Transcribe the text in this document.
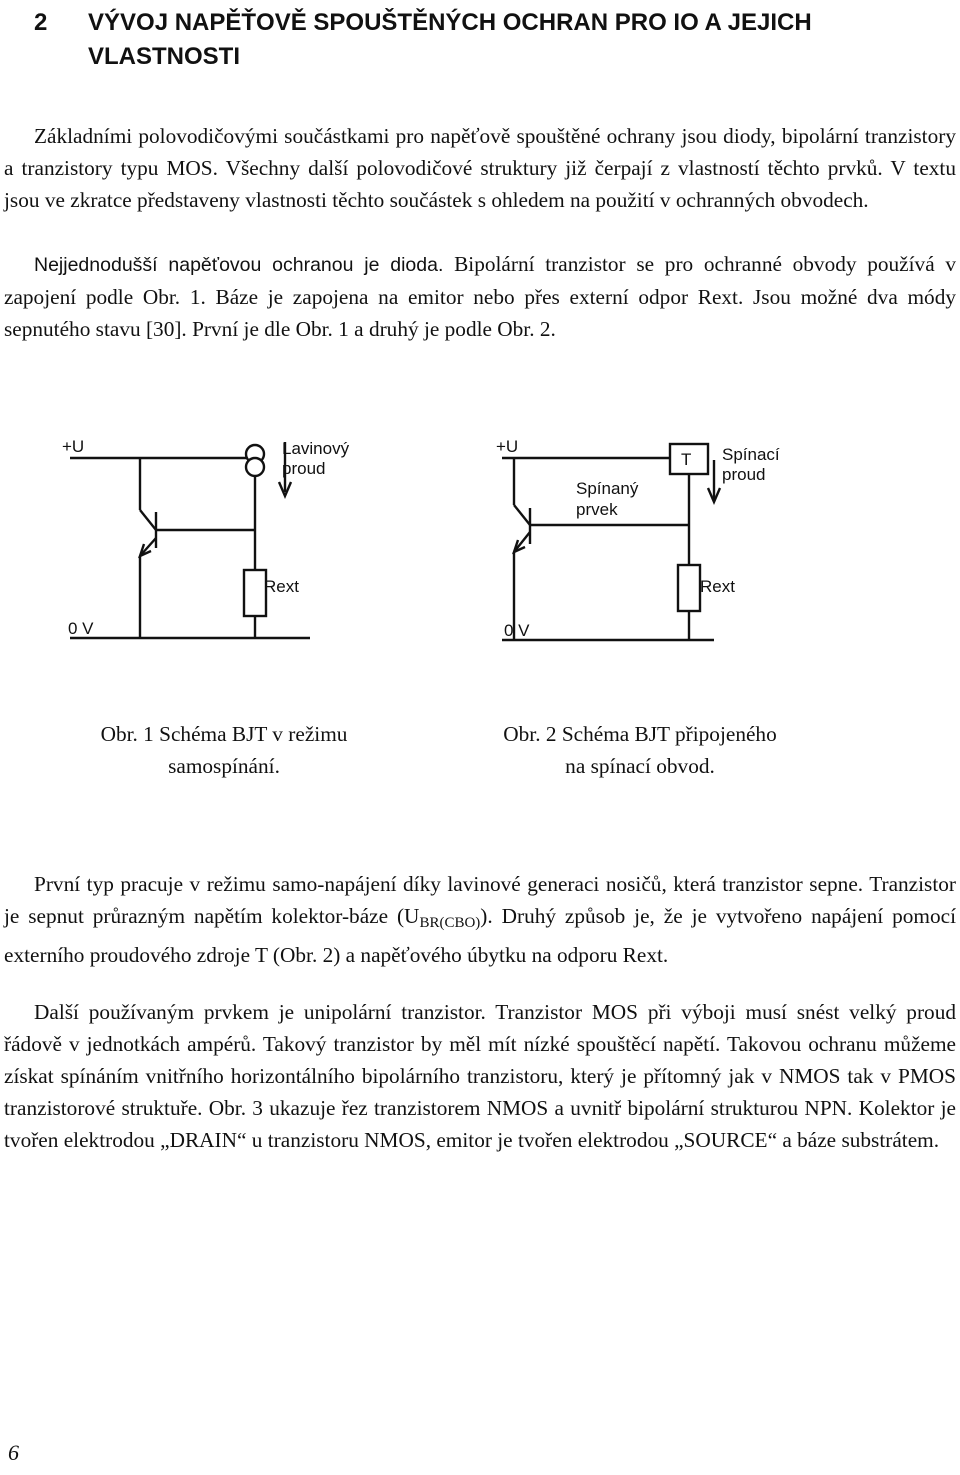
2	VÝVOJ NAPĚŤOVĚ SPOUŠTĚNÝCH OCHRAN PRO IO A JEJICH VLASTNOSTI

Základními polovodičovými součástkami pro napěťově spouštěné ochrany jsou diody, bipolární tranzistory a tranzistory typu MOS. Všechny další polovodičové struktury již čerpají z vlastností těchto prvků. V textu jsou ve zkratce představeny vlastnosti těchto součástek s ohledem na použití v ochranných obvodech.

Nejjednodušší napěťovou ochranou je dioda. Bipolární tranzistor se pro ochranné obvody používá v zapojení podle Obr. 1. Báze je zapojena na emitor nebo přes externí odpor Rext. Jsou možné dva módy sepnutého stavu [30]. První je dle Obr. 1 a druhý je podle Obr. 2.

+U	Lavinový
proud
Rext
0 V
+U
T Spínací
proud
Spínaný
prvek
Rext
0 V
Obr. 1 Schéma BJT v režimu
samospínání.
Obr. 2 Schéma BJT připojeného
na spínací obvod.

První typ pracuje v režimu samo-napájení díky lavinové generaci nosičů, která tranzistor sepne. Tranzistor je sepnut průrazným napětím kolektor-báze $(U_{BR(CBO)})$. Druhý způsob je, že je vytvořeno napájení pomocí externího proudového zdroje T (Obr. 2) a napěťového úbytku na odporu Rext.

Další používaným prvkem je unipolární tranzistor. Tranzistor MOS při výboji musí snést velký proud řádově v jednotkách ampérů. Takový tranzistor by měl mít nízké spouštěcí napětí. Takovou ochranu můžeme získat spínáním vnitřního horizontálního bipolárního tranzistoru, který je přítomný jak v NMOS tak v PMOS tranzistorové struktuře. Obr. 3 ukazuje řez tranzistorem NMOS a uvnitř bipolární strukturou NPN. Kolektor je tvořen elektrodou „DRAIN“ u tranzistoru NMOS, emitor je tvořen elektrodou „SOURCE“ a báze substrátem.

6
